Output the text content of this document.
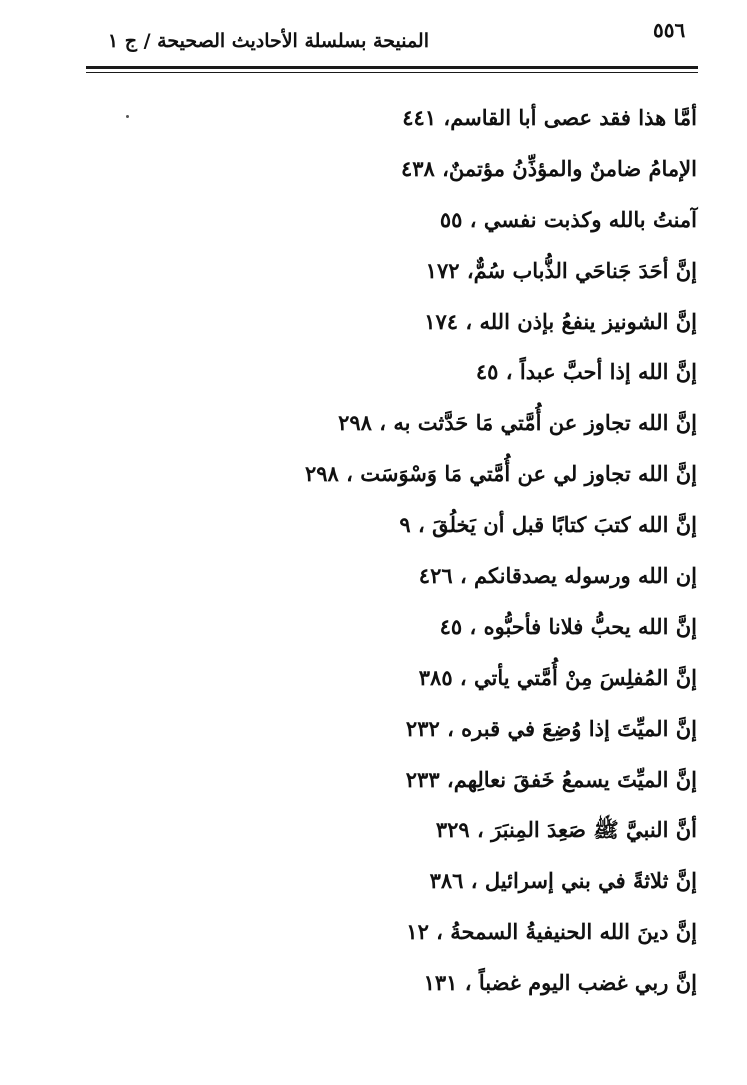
٥٥٦
المنيحة بسلسلة الأحاديث الصحيحة / ج ١
أمَّا هذا فقد عصى أبا القاسم، ٤٤١
الإمامُ ضامنٌ والمؤذِّنُ مؤتمنٌ، ٤٣٨
آمنتُ بالله وكذبت نفسي ، ٥٥
إنَّ أحَدَ جَناحَي الذُّباب سُمٌّ، ١٧٢
إنَّ الشونيز ينفعُ بإذن الله ، ١٧٤
إنَّ الله إذا أحبَّ عبداً ، ٤٥
إنَّ الله تجاوز عن أُمَّتي مَا حَدَّثت به ، ٢٩٨
إنَّ الله تجاوز لي عن أُمَّتي مَا وَسْوَسَت ، ٢٩٨
إنَّ الله كتبَ كتابًا قبل أن يَخلُقَ ، ٩
إن الله ورسوله يصدقانكم ، ٤٢٦
إنَّ الله يحبُّ فلانا فأحبُّوه ، ٤٥
إنَّ المُفلِسَ مِنْ أُمَّتي يأتي ، ٣٨٥
إنَّ الميِّتَ إذا وُضِعَ في قبره ، ٢٣٢
إنَّ الميِّتَ يسمعُ خَفقَ نعالِهم، ٢٣٣
أنَّ النبيَّ ﷺ صَعِدَ المِنبَرَ ، ٣٢٩
إنَّ ثلاثةً في بني إسرائيل ، ٣٨٦
إنَّ دينَ الله الحنيفيةُ السمحةُ ، ١٢
إنَّ ربي غضب اليوم غضباً ، ١٣١
